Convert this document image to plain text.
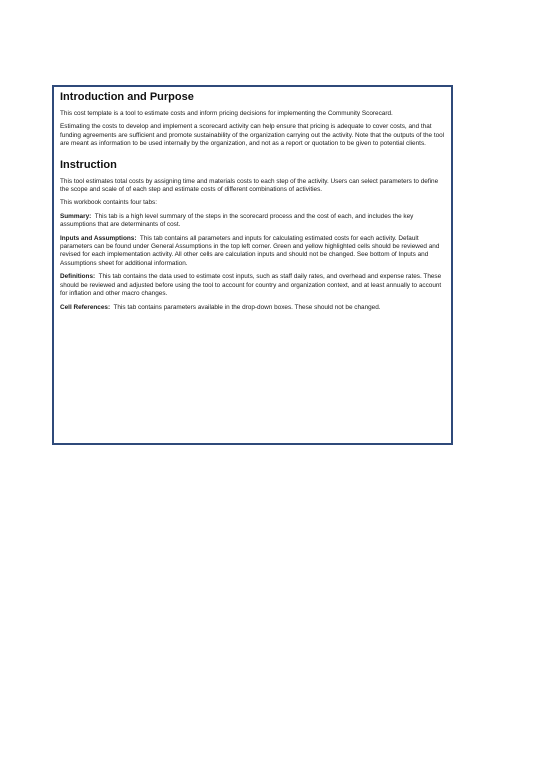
Introduction and Purpose

This cost template is a tool to estimate costs and inform pricing decisions for implementing the Community Scorecard.

Estimating the costs to develop and implement a scorecard activity can help ensure that pricing is adequate to cover costs, and that funding agreements are sufficient and promote sustainability of the organization carrying out the activity. Note that the outputs of the tool are meant as information to be used internally by the organization, and not as a report or quotation to be given to potential clients.

Instruction

This tool estimates total costs by assigning time and materials costs to each step of the activity. Users can select parameters to define the scope and scale of of each step and estimate costs of different combinations of activities.

This workbook containts four tabs:

Summary: This tab is a high level summary of the steps in the scorecard process and the cost of each, and includes the key assumptions that are determinants of cost.

Inputs and Assumptions: This tab contains all parameters and inputs for calculating estimated costs for each activity. Default parameters can be found under General Assumptions in the top left corner. Green and yellow highlighted cells should be reviewed and revised for each implementation activity. All other cells are calculation inputs and should not be changed. See bottom of Inputs and Assumptions sheet for additional information.

Definitions: This tab contains the data used to estimate cost inputs, such as staff daily rates, and overhead and expense rates. These should be reviewed and adjusted before using the tool to account for country and organization context, and at least annually to account for inflation and other macro changes.

Cell References: This tab contains parameters available in the drop-down boxes. These should not be changed.
